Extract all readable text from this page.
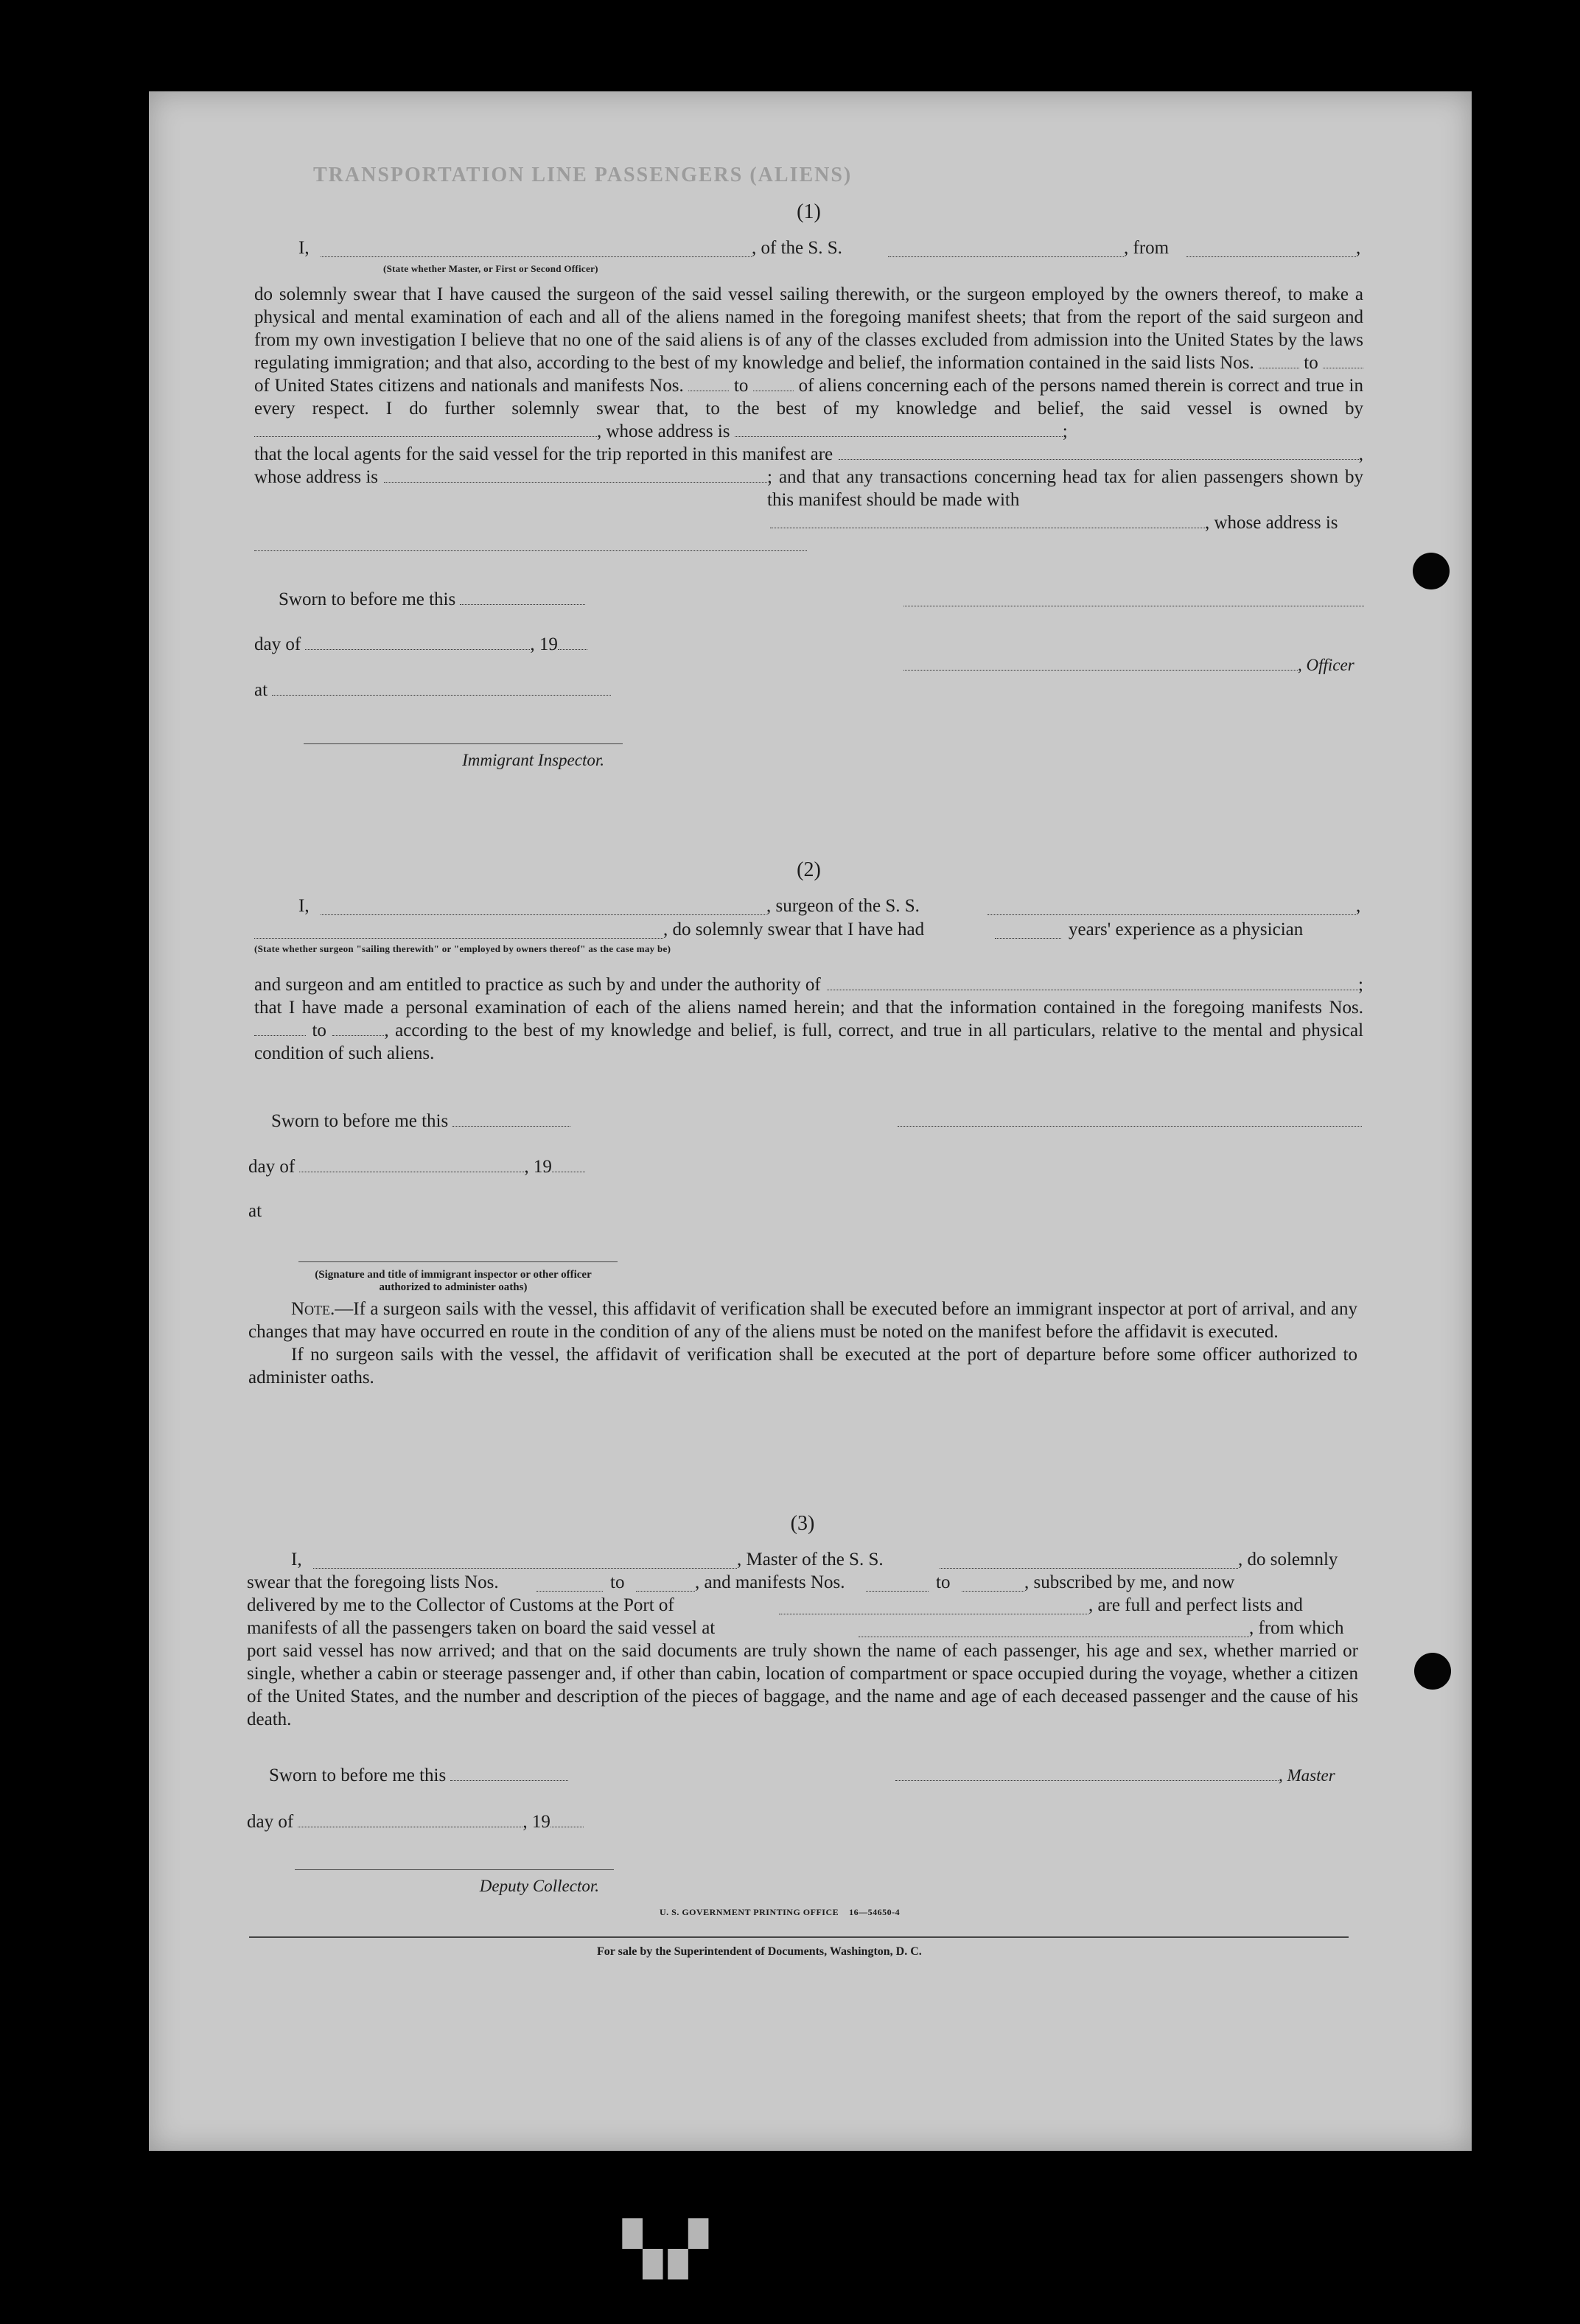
TRANSPORTATION LINE PASSENGERS (ALIENS)
(1)
I,	, of the S. S.	, from	,
(State whether Master, or First or Second Officer)
do solemnly swear that I have caused the surgeon of the said vessel sailing therewith, or the surgeon employed by the owners thereof, to make a physical and mental examination of each and all of the aliens named in the foregoing manifest sheets; that from the report of the said surgeon and from my own investigation I believe that no one of the said aliens is of any of the classes excluded from admission into the United States by the laws regulating immigration; and that also, according to the best of my knowledge and belief, the information contained in the said lists Nos.	to  of United States citizens and nationals and manifests Nos.	to	of aliens concerning each of the persons named therein is correct and true in every respect. I do further solemnly swear that, to the best of my knowledge and belief, the said vessel is owned by , whose address is	;
that the local agents for the said vessel for the trip reported in this manifest are	,
whose address is	; and that any transactions concerning head tax for alien passengers shown by this manifest should be made with
, whose address is
Sworn to before me this
day of	, 19
at
Immigrant Inspector.
, Officer
(2)
I,	, surgeon of the S. S.	,
, do solemnly swear that I have had	years' experience as a physician
(State whether surgeon "sailing therewith" or "employed by owners thereof" as the case may be)
and surgeon and am entitled to practice as such by and under the authority of	;
that I have made a personal examination of each of the aliens named herein; and that the information contained in the foregoing manifests Nos.  to	, according to the best of my knowledge and belief, is full, correct, and true in all particulars, relative to the mental and physical condition of such aliens.
Sworn to before me this
day of	, 19
at
(Signature and title of immigrant inspector or other officer authorized to administer oaths)
Note.—If a surgeon sails with the vessel, this affidavit of verification shall be executed before an immigrant inspector at port of arrival, and any changes that may have occurred en route in the condition of any of the aliens must be noted on the manifest before the affidavit is executed.
If no surgeon sails with the vessel, the affidavit of verification shall be executed at the port of departure before some officer authorized to administer oaths.
(3)
I,	, Master of the S. S.	, do solemnly
swear that the foregoing lists Nos.	to	, and manifests Nos.	to	, subscribed by me, and now
delivered by me to the Collector of Customs at the Port of	, are full and perfect lists and
manifests of all the passengers taken on board the said vessel at	, from which
port said vessel has now arrived; and that on the said documents are truly shown the name of each passenger, his age and sex, whether married or single, whether a cabin or steerage passenger and, if other than cabin, location of compartment or space occupied during the voyage, whether a citizen of the United States, and the number and description of the pieces of baggage, and the name and age of each deceased passenger and the cause of his death.
Sworn to before me this
day of	, 19
Deputy Collector.
, Master
U. S. GOVERNMENT PRINTING OFFICE    16—54650-4
For sale by the Superintendent of Documents, Washington, D. C.
▚▞
